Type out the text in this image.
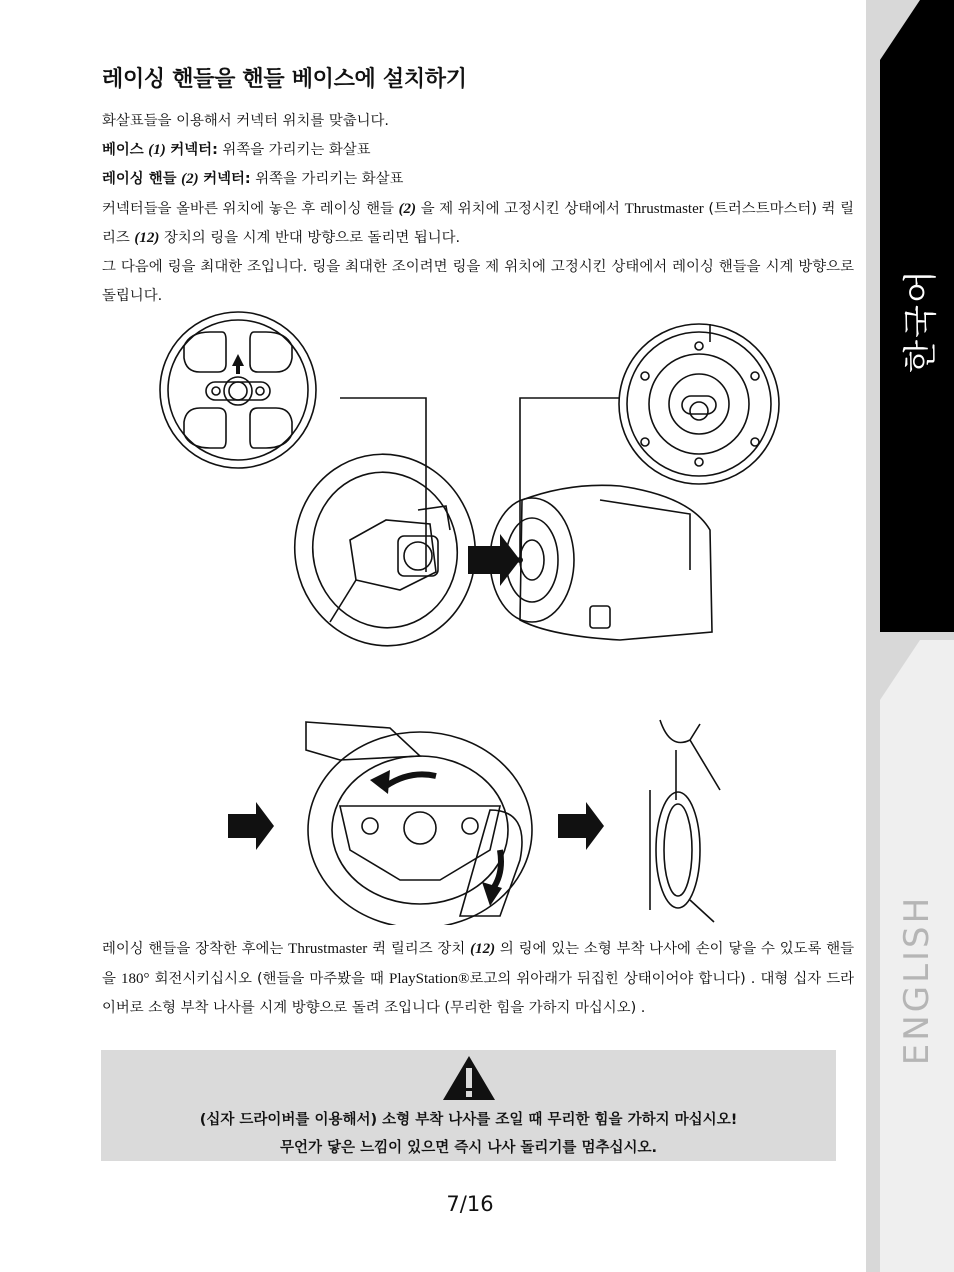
한국어
ENGLISH
레이싱 핸들을 핸들 베이스에 설치하기
화살표들을 이용해서 커넥터 위치를 맞춥니다.
베이스 (1) 커넥터: 위쪽을 가리키는 화살표
레이싱 핸들 (2) 커넥터: 위쪽을 가리키는 화살표
커넥터들을 올바른 위치에 놓은 후 레이싱 핸들 (2) 을 제 위치에 고정시킨 상태에서 Thrustmaster (트러스트마스터) 퀵 릴리즈 (12) 장치의 링을 시계 반대 방향으로 돌리면 됩니다.
그 다음에 링을 최대한 조입니다. 링을 최대한 조이려면 링을 제 위치에 고정시킨 상태에서 레이싱 핸들을 시계 방향으로 돌립니다.
레이싱 핸들을 장착한 후에는 Thrustmaster 퀵 릴리즈 장치 (12) 의 링에 있는 소형 부착 나사에 손이 닿을 수 있도록 핸들을 180° 회전시키십시오 (핸들을 마주봤을 때 PlayStation®로고의 위아래가 뒤집힌 상태이어야 합니다) . 대형 십자 드라이버로 소형 부착 나사를 시계 방향으로 돌려 조입니다 (무리한 힘을 가하지 마십시오) .
(십자 드라이버를 이용해서) 소형 부착 나사를 조일 때 무리한 힘을 가하지 마십시오!
무언가 닿은 느낌이 있으면 즉시 나사 돌리기를 멈추십시오.
7/16
